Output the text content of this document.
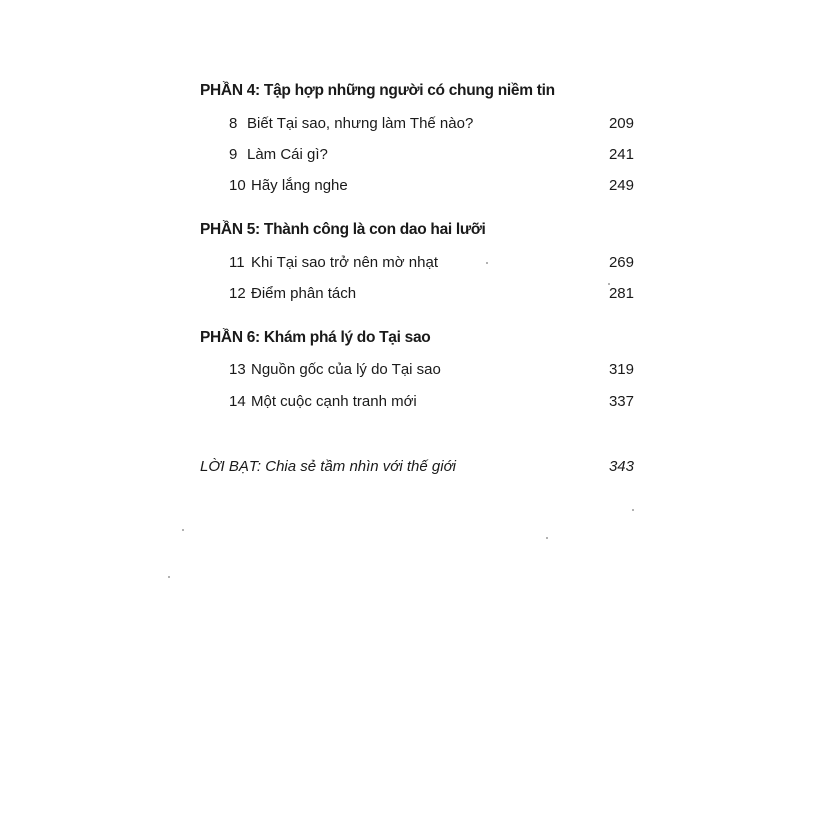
PHẦN 4: Tập hợp những người có chung niềm tin
8 Biết Tại sao, nhưng làm Thế nào?	209
9 Làm Cái gì?	241
10 Hãy lắng nghe	249
PHẦN 5: Thành công là con dao hai lưỡi
11 Khi Tại sao trở nên mờ nhạt	269
12 Điểm phân tách	281
PHẦN 6: Khám phá lý do Tại sao
13 Nguồn gốc của lý do Tại sao	319
14 Một cuộc cạnh tranh mới	337
LỜI BẠT: Chia sẻ tầm nhìn với thế giới	343
